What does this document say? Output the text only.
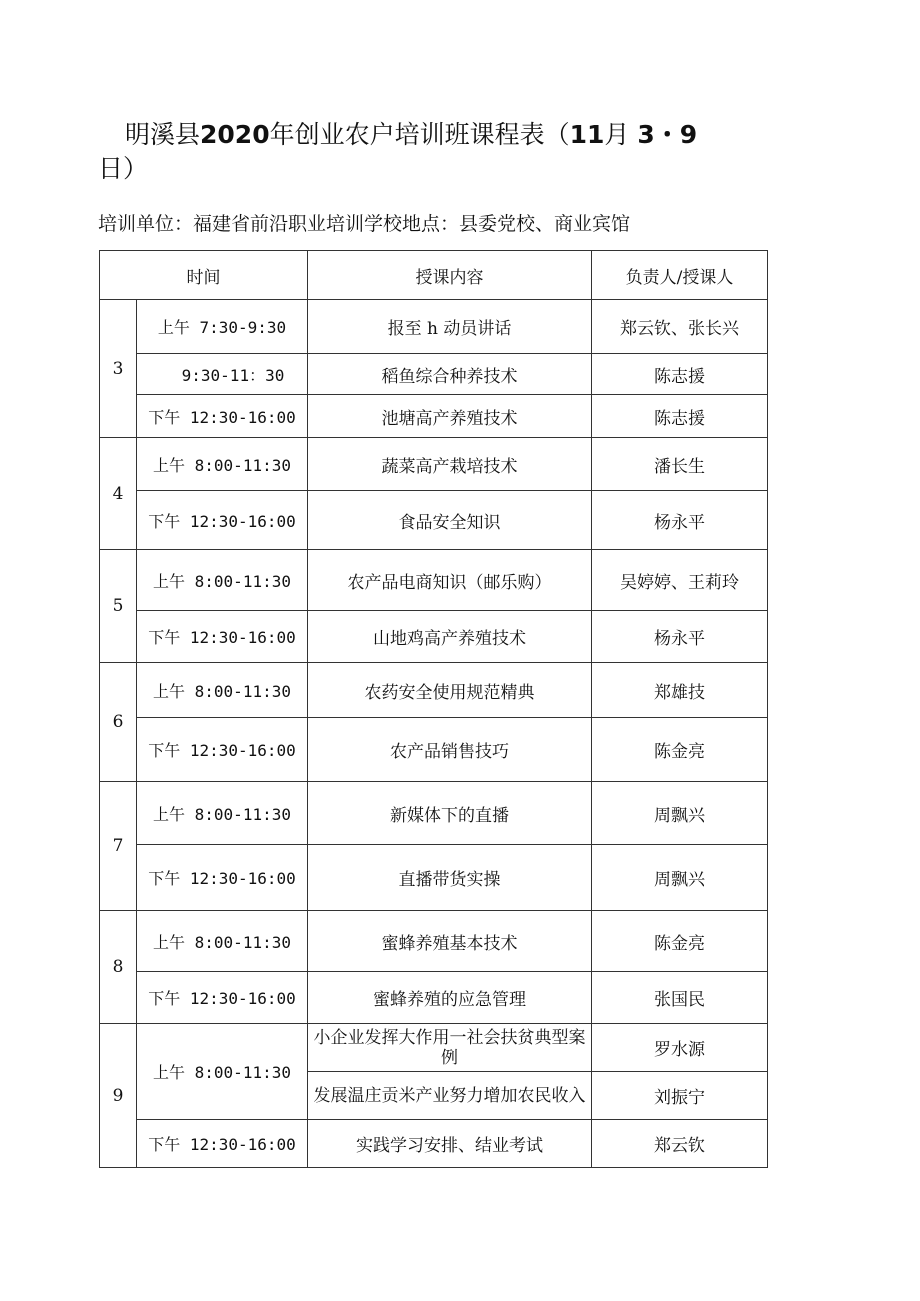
明溪县2020年创业农户培训班课程表（11月 3・9
日）
培训单位：福建省前沿职业培训学校地点：县委党校、商业宾馆
时间		授课内容	负责人/授课人
3	上午 7:30-9:30	报至 h 动员讲话	郑云钦、张长兴
	9:30-11：30	稻鱼综合种养技术	陈志援
	下午 12:30-16:00	池塘高产养殖技术	陈志援
4	上午 8:00-11:30	蔬菜高产栽培技术	潘长生
	下午 12:30-16:00	食品安全知识	杨永平
5	上午 8:00-11:30	农产品电商知识（邮乐购）	吴婷婷、王莉玲
	下午 12:30-16:00	山地鸡高产养殖技术	杨永平
6	上午 8:00-11:30	农药安全使用规范精典	郑雄技
	下午 12:30-16:00	农产品销售技巧	陈金亮
7	上午 8:00-11:30	新媒体下的直播	周飘兴
	下午 12:30-16:00	直播带货实操	周飘兴
8	上午 8:00-11:30	蜜蜂养殖基本技术	陈金亮
	下午 12:30-16:00	蜜蜂养殖的应急管理	张国民
9	上午 8:00-11:30	小企业发挥大作用一社会扶贫典型案例	罗水源
		发展温庄贡米产业努力增加农民收入	刘振宁
	下午 12:30-16:00	实践学习安排、结业考试	郑云钦
